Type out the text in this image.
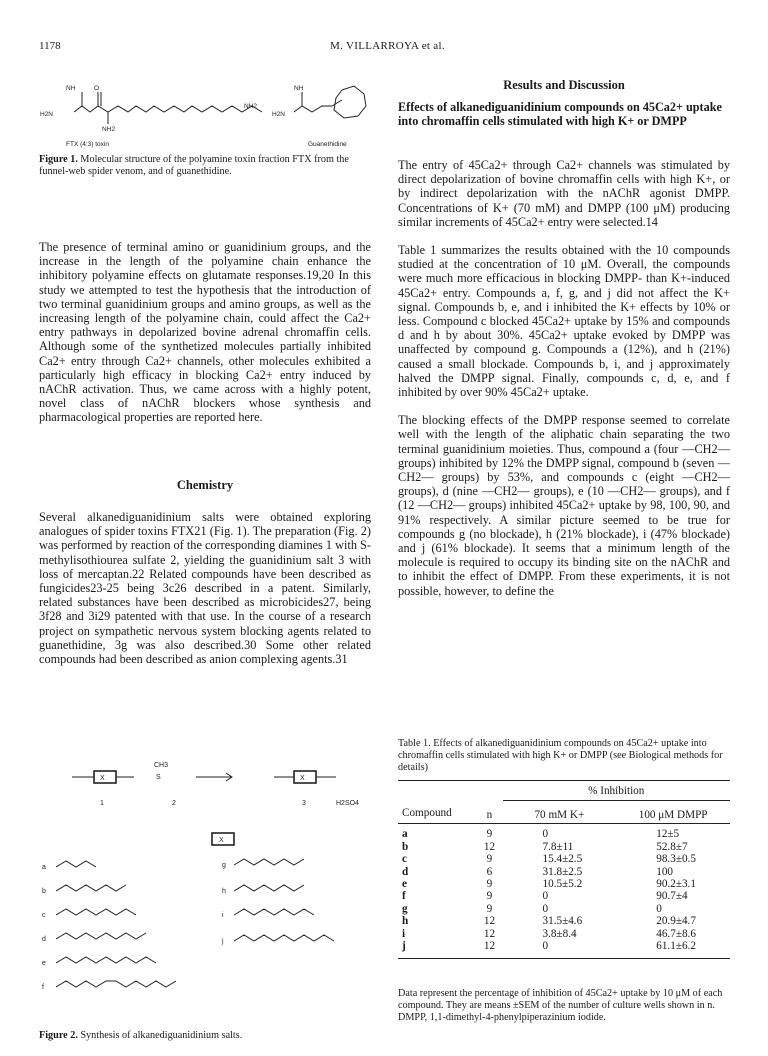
1178	M. VILLARROYA et al.
NH	O
H2N
NH2
NH2
NH
H2N
FTX (4:3) toxin	Guanethidine
Figure 1. Molecular structure of the polyamine toxin fraction FTX from the funnel-web spider venom, and of guanethidine.

The presence of terminal amino or guanidinium groups, and the increase in the length of the polyamine chain enhance the inhibitory polyamine effects on glutamate responses.19,20 In this study we attempted to test the hypothesis that the introduction of two terminal guanidinium groups and amino groups, as well as the increasing length of the polyamine chain, could affect the Ca2+ entry pathways in depolarized bovine adrenal chromaffin cells. Although some of the synthetized molecules partially inhibited Ca2+ entry through Ca2+ channels, other molecules exhibited a particularly high efficacy in blocking Ca2+ entry induced by nAChR activation. Thus, we came across with a highly potent, novel class of nAChR blockers whose synthesis and pharmacological properties are reported here.

Chemistry

Several alkanediguanidinium salts were obtained exploring analogues of spider toxins FTX21 (Fig. 1). The preparation (Fig. 2) was performed by reaction of the corresponding diamines 1 with S-methylisothiourea sulfate 2, yielding the guanidinium salt 3 with loss of mercaptan.22 Related compounds have been described as fungicides23-25 being 3c26 described in a patent. Similarly, related substances have been described as microbicides27, being 3f28 and 3i29 patented with that use. In the course of a research project on sympathetic nervous system blocking agents related to guanethidine, 3g was also described.30 Some other related compounds had been described as anion complexing agents.31

X	X
X
1	2	3	H2SO4
CH3
S
a
b
c
d
e
f
g
h
i
j
Figure 2. Synthesis of alkanediguanidinium salts.
Results and Discussion
Effects of alkanediguanidinium compounds on 45Ca2+ uptake into chromaffin cells stimulated with high K+ or DMPP

The entry of 45Ca2+ through Ca2+ channels was stimulated by direct depolarization of bovine chromaffin cells with high K+, or by indirect depolarization with the nAChR agonist DMPP. Concentrations of K+ (70 mM) and DMPP (100 μM) producing similar increments of 45Ca2+ entry were selected.14

Table 1 summarizes the results obtained with the 10 compounds studied at the concentration of 10 μM. Overall, the compounds were much more efficacious in blocking DMPP- than K+-induced 45Ca2+ entry. Compounds a, f, g, and j did not affect the K+ signal. Compounds b, e, and i inhibited the K+ effects by 10% or less. Compound c blocked 45Ca2+ uptake by 15% and compounds d and h by about 30%. 45Ca2+ uptake evoked by DMPP was unaffected by compound g. Compounds a (12%), and h (21%) caused a small blockade. Compounds b, i, and j approximately halved the DMPP signal. Finally, compounds c, d, e, and f inhibited by over 90% 45Ca2+ uptake.

The blocking effects of the DMPP response seemed to correlate well with the length of the aliphatic chain separating the two terminal guanidinium moieties. Thus, compound a (four —CH2— groups) inhibited by 12% the DMPP signal, compound b (seven —CH2— groups) by 53%, and compounds c (eight —CH2— groups), d (nine —CH2— groups), e (10 —CH2— groups), and f (12 —CH2— groups) inhibited 45Ca2+ uptake by 98, 100, 90, and 91% respectively. A similar picture seemed to be true for compounds g (no blockade), h (21% blockade), i (47% blockade) and j (61% blockade). It seems that a minimum length of the molecule is required to occupy its binding site on the nAChR and to inhibit the effect of DMPP. From these experiments, it is not possible, however, to define the

Table 1. Effects of alkanediguanidinium compounds on 45Ca2+ uptake into chromaffin cells stimulated with high K+ or DMPP (see Biological methods for details)
		% Inhibition	
Compound	n	70 mM K+	100 μM DMPP

a	9	0	12±5
b	12	7.8±11	52.8±7
c	9	15.4±2.5	98.3±0.5
d	6	31.8±2.5	100
e	9	10.5±5.2	90.2±3.1
f	9	0	90.7±4
g	9	0	0
h	12	31.5±4.6	20.9±4.7
i	12	3.8±8.4	46.7±8.6
j	12	0	61.1±6.2
Data represent the percentage of inhibition of 45Ca2+ uptake by 10 μM of each compound. They are means ±SEM of the number of culture wells shown in n. DMPP, 1,1-dimethyl-4-phenylpiperazinium iodide.
